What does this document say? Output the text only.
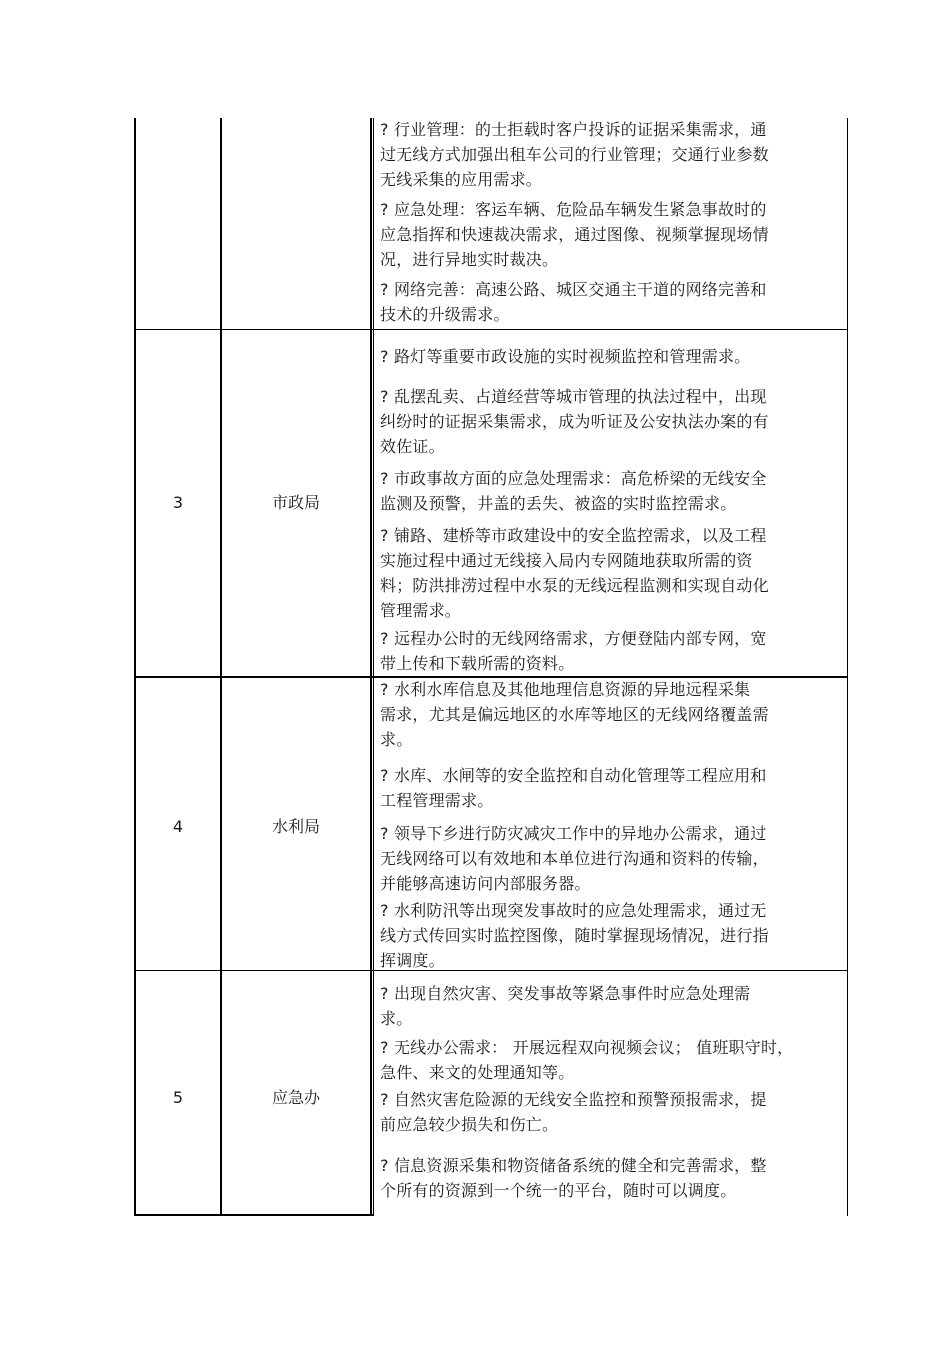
? 行业管理：的士拒载时客户投诉的证据采集需求，通
过无线方式加强出租车公司的行业管理；交通行业参数
无线采集的应用需求。
? 应急处理：客运车辆、危险品车辆发生紧急事故时的
应急指挥和快速裁决需求，通过图像、视频掌握现场情
况，进行异地实时裁决。
? 网络完善：高速公路、城区交通主干道的网络完善和
技术的升级需求。
3	市政局
? 路灯等重要市政设施的实时视频监控和管理需求。
? 乱摆乱卖、占道经营等城市管理的执法过程中，出现
纠纷时的证据采集需求，成为听证及公安执法办案的有
效佐证。
? 市政事故方面的应急处理需求：高危桥梁的无线安全
监测及预警，井盖的丢失、被盗的实时监控需求。
? 铺路、建桥等市政建设中的安全监控需求，以及工程
实施过程中通过无线接入局内专网随地获取所需的资
料；防洪排涝过程中水泵的无线远程监测和实现自动化
管理需求。
? 远程办公时的无线网络需求，方便登陆内部专网，宽
带上传和下载所需的资料。
4	水利局
? 水利水库信息及其他地理信息资源的异地远程采集
需求，尤其是偏远地区的水库等地区的无线网络覆盖需
求。
? 水库、水闸等的安全监控和自动化管理等工程应用和
工程管理需求。
? 领导下乡进行防灾减灾工作中的异地办公需求，通过
无线网络可以有效地和本单位进行沟通和资料的传输，
并能够高速访问内部服务器。
? 水利防汛等出现突发事故时的应急处理需求，通过无
线方式传回实时监控图像，随时掌握现场情况，进行指
挥调度。
5	应急办
? 出现自然灾害、突发事故等紧急事件时应急处理需
求。
? 无线办公需求： 开展远程双向视频会议； 值班职守时，
急件、来文的处理通知等。
? 自然灾害危险源的无线安全监控和预警预报需求，提
前应急较少损失和伤亡。
? 信息资源采集和物资储备系统的健全和完善需求，整
个所有的资源到一个统一的平台，随时可以调度。
